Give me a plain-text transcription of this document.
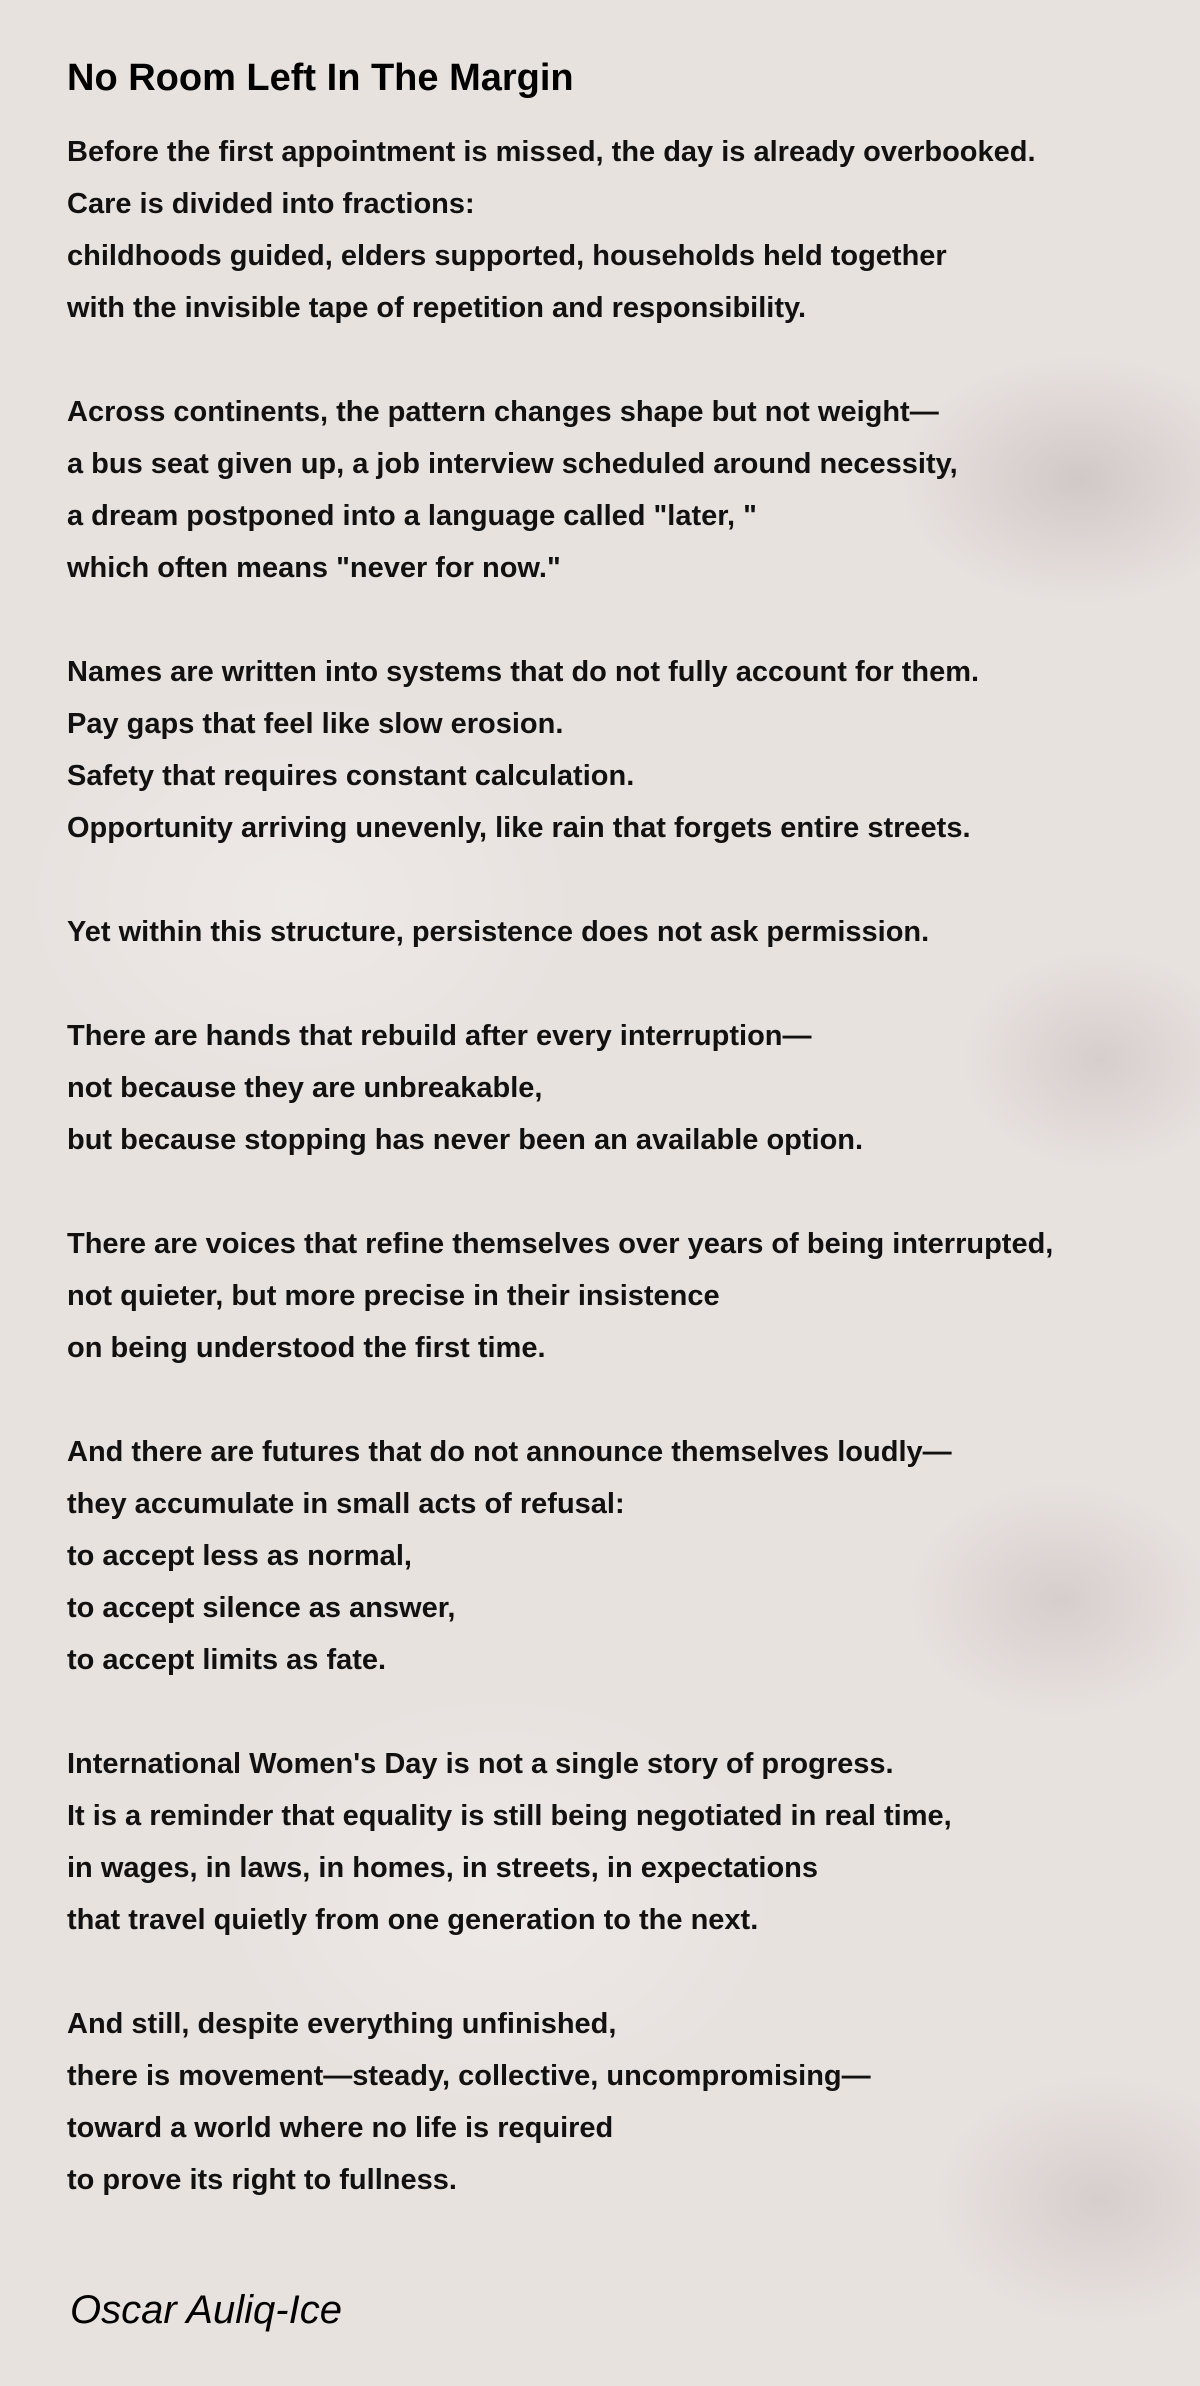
No Room Left In The Margin
Before the first appointment is missed, the day is already overbooked.
Care is divided into fractions:
childhoods guided, elders supported, households held together
with the invisible tape of repetition and responsibility.
Across continents, the pattern changes shape but not weight—
a bus seat given up, a job interview scheduled around necessity,
a dream postponed into a language called "later, "
which often means "never for now."
Names are written into systems that do not fully account for them.
Pay gaps that feel like slow erosion.
Safety that requires constant calculation.
Opportunity arriving unevenly, like rain that forgets entire streets.
Yet within this structure, persistence does not ask permission.
There are hands that rebuild after every interruption—
not because they are unbreakable,
but because stopping has never been an available option.
There are voices that refine themselves over years of being interrupted,
not quieter, but more precise in their insistence
on being understood the first time.
And there are futures that do not announce themselves loudly—
they accumulate in small acts of refusal:
to accept less as normal,
to accept silence as answer,
to accept limits as fate.
International Women's Day is not a single story of progress.
It is a reminder that equality is still being negotiated in real time,
in wages, in laws, in homes, in streets, in expectations
that travel quietly from one generation to the next.
And still, despite everything unfinished,
there is movement—steady, collective, uncompromising—
toward a world where no life is required
to prove its right to fullness.
Oscar Auliq-Ice
